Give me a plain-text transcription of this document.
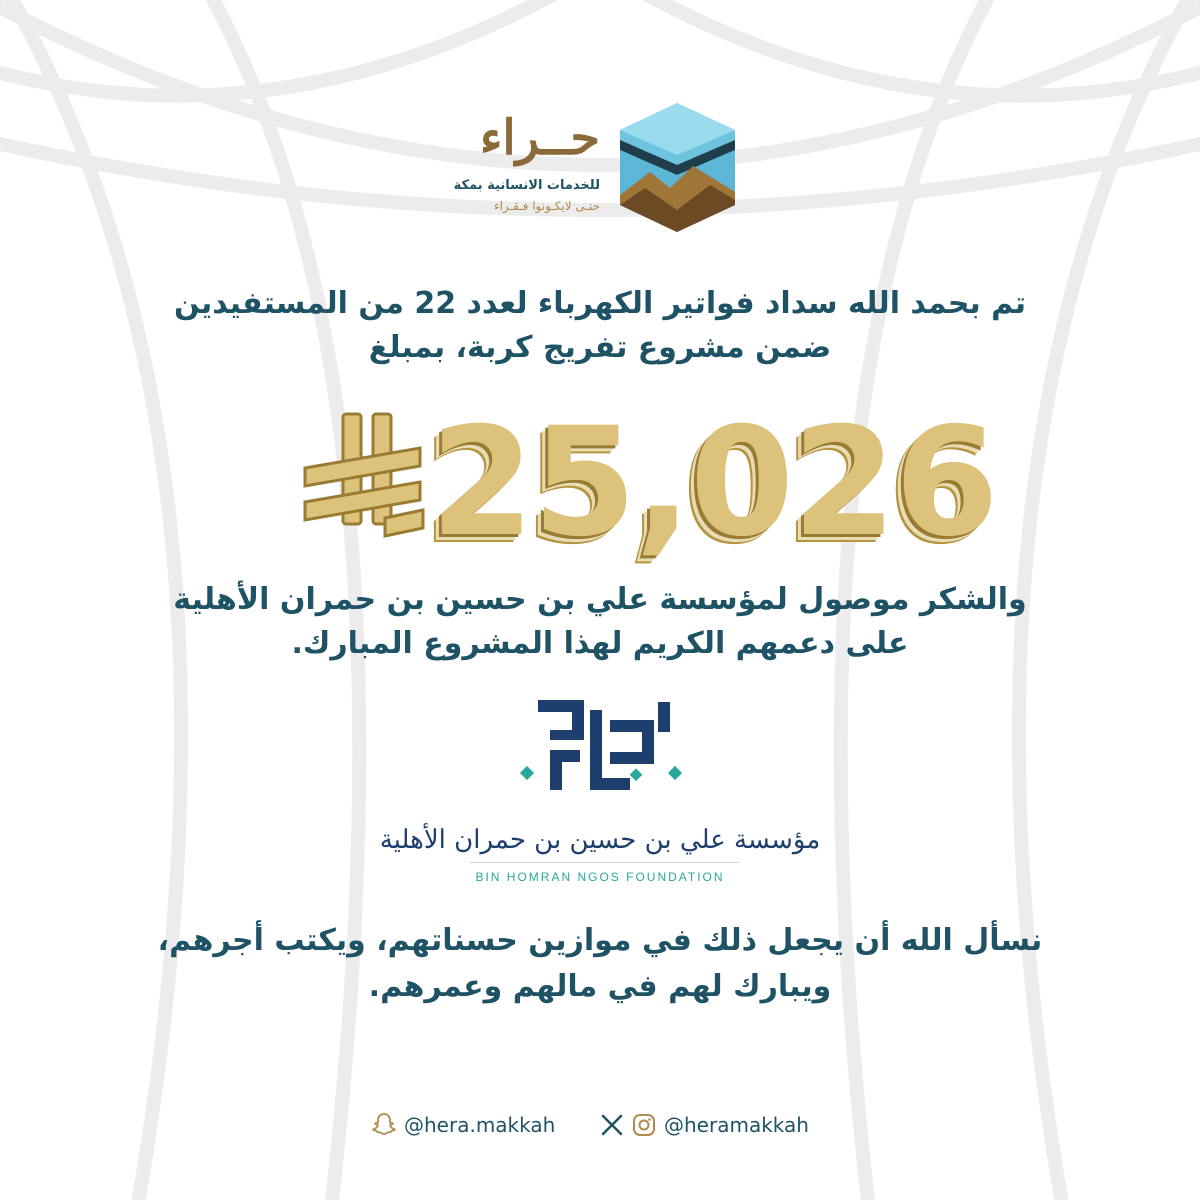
حــراء
للخدمات الانسانية بمكة
حتـى لايكـونوا فـقـراء
تم بحمد الله سداد فواتير الكهرباء لعدد 22 من المستفيدين
ضمن مشروع تفريج كربة، بمبلغ
25,026
والشكر موصول لمؤسسة علي بن حسين بن حمران الأهلية
على دعمهم الكريم لهذا المشروع المبارك.
مؤسسة علي بن حسين بن حمران الأهلية
BIN HOMRAN NGOS FOUNDATION
نسأل الله أن يجعل ذلك في موازين حسناتهم، ويكتب أجرهم،
ويبارك لهم في مالهم وعمرهم.
@hera.makkah	@heramakkah
